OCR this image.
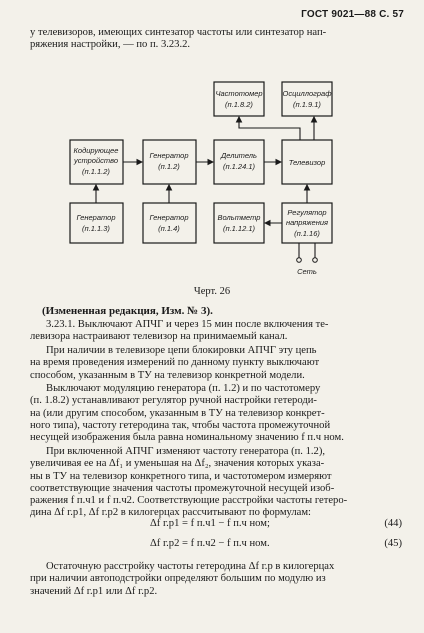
ГОСТ 9021—88 С. 57
у телевизоров, имеющих синтезатор частоты или синтезатор нап-
ряжения настройки, — по п. 3.23.2.
Частотомер
(п.1.8.2)
Осциллограф
(п.1.9.1)
Кодирующее
устройство
(п.1.1.2)
Генератор
(п.1.2)
Делитель
(п.1.24.1)	Телевизор
Генератор
(п.1.1.3)
Генератор
(п.1.4)
Вольтметр
(п.1.12.1)
Регулятор
напряжения
(п.1.16)
Сеть
Черт. 26
(Измененная редакция, Изм. № 3).
3.23.1. Выключают АПЧГ и через 15 мин после включения те-
левизора настраивают телевизор на принимаемый канал.
При наличии в телевизоре цепи блокировки АПЧГ эту цепь
на время проведения измерений по данному пункту выключают
способом, указанным в ТУ на телевизор конкретной модели.
Выключают модуляцию генератора (п. 1.2) и по частотомеру
(п. 1.8.2) устанавливают регулятор ручной настройки гетероди-
на (или другим способом, указанным в ТУ на телевизор конкрет-
ного типа), частоту гетеродина так, чтобы частота промежуточной
несущей изображения была равна номинальному значению f п.ч ном.
При включенной АПЧГ изменяют частоту генератора (п. 1.2),
увеличивая ее на Δf₁ и уменьшая на Δf₂, значения которых указа-
ны в ТУ на телевизор конкретного типа, и частотомером измеряют
соответствующие значения частоты промежуточной несущей изоб-
ражения f п.ч1 и f п.ч2. Соответствующие расстройки частоты гетеро-
дина Δf г.р1, Δf г.р2 в килогерцах рассчитывают по формулам:
Δf г.р1 = f п.ч1 − f п.ч ном;	(44)
Δf г.р2 = f п.ч2 − f п.ч ном.	(45)
Остаточную расстройку частоты гетеродина Δf г.р в килогерцах
при наличии автоподстройки определяют большим по модулю из
значений Δf г.р1 или Δf г.р2.
